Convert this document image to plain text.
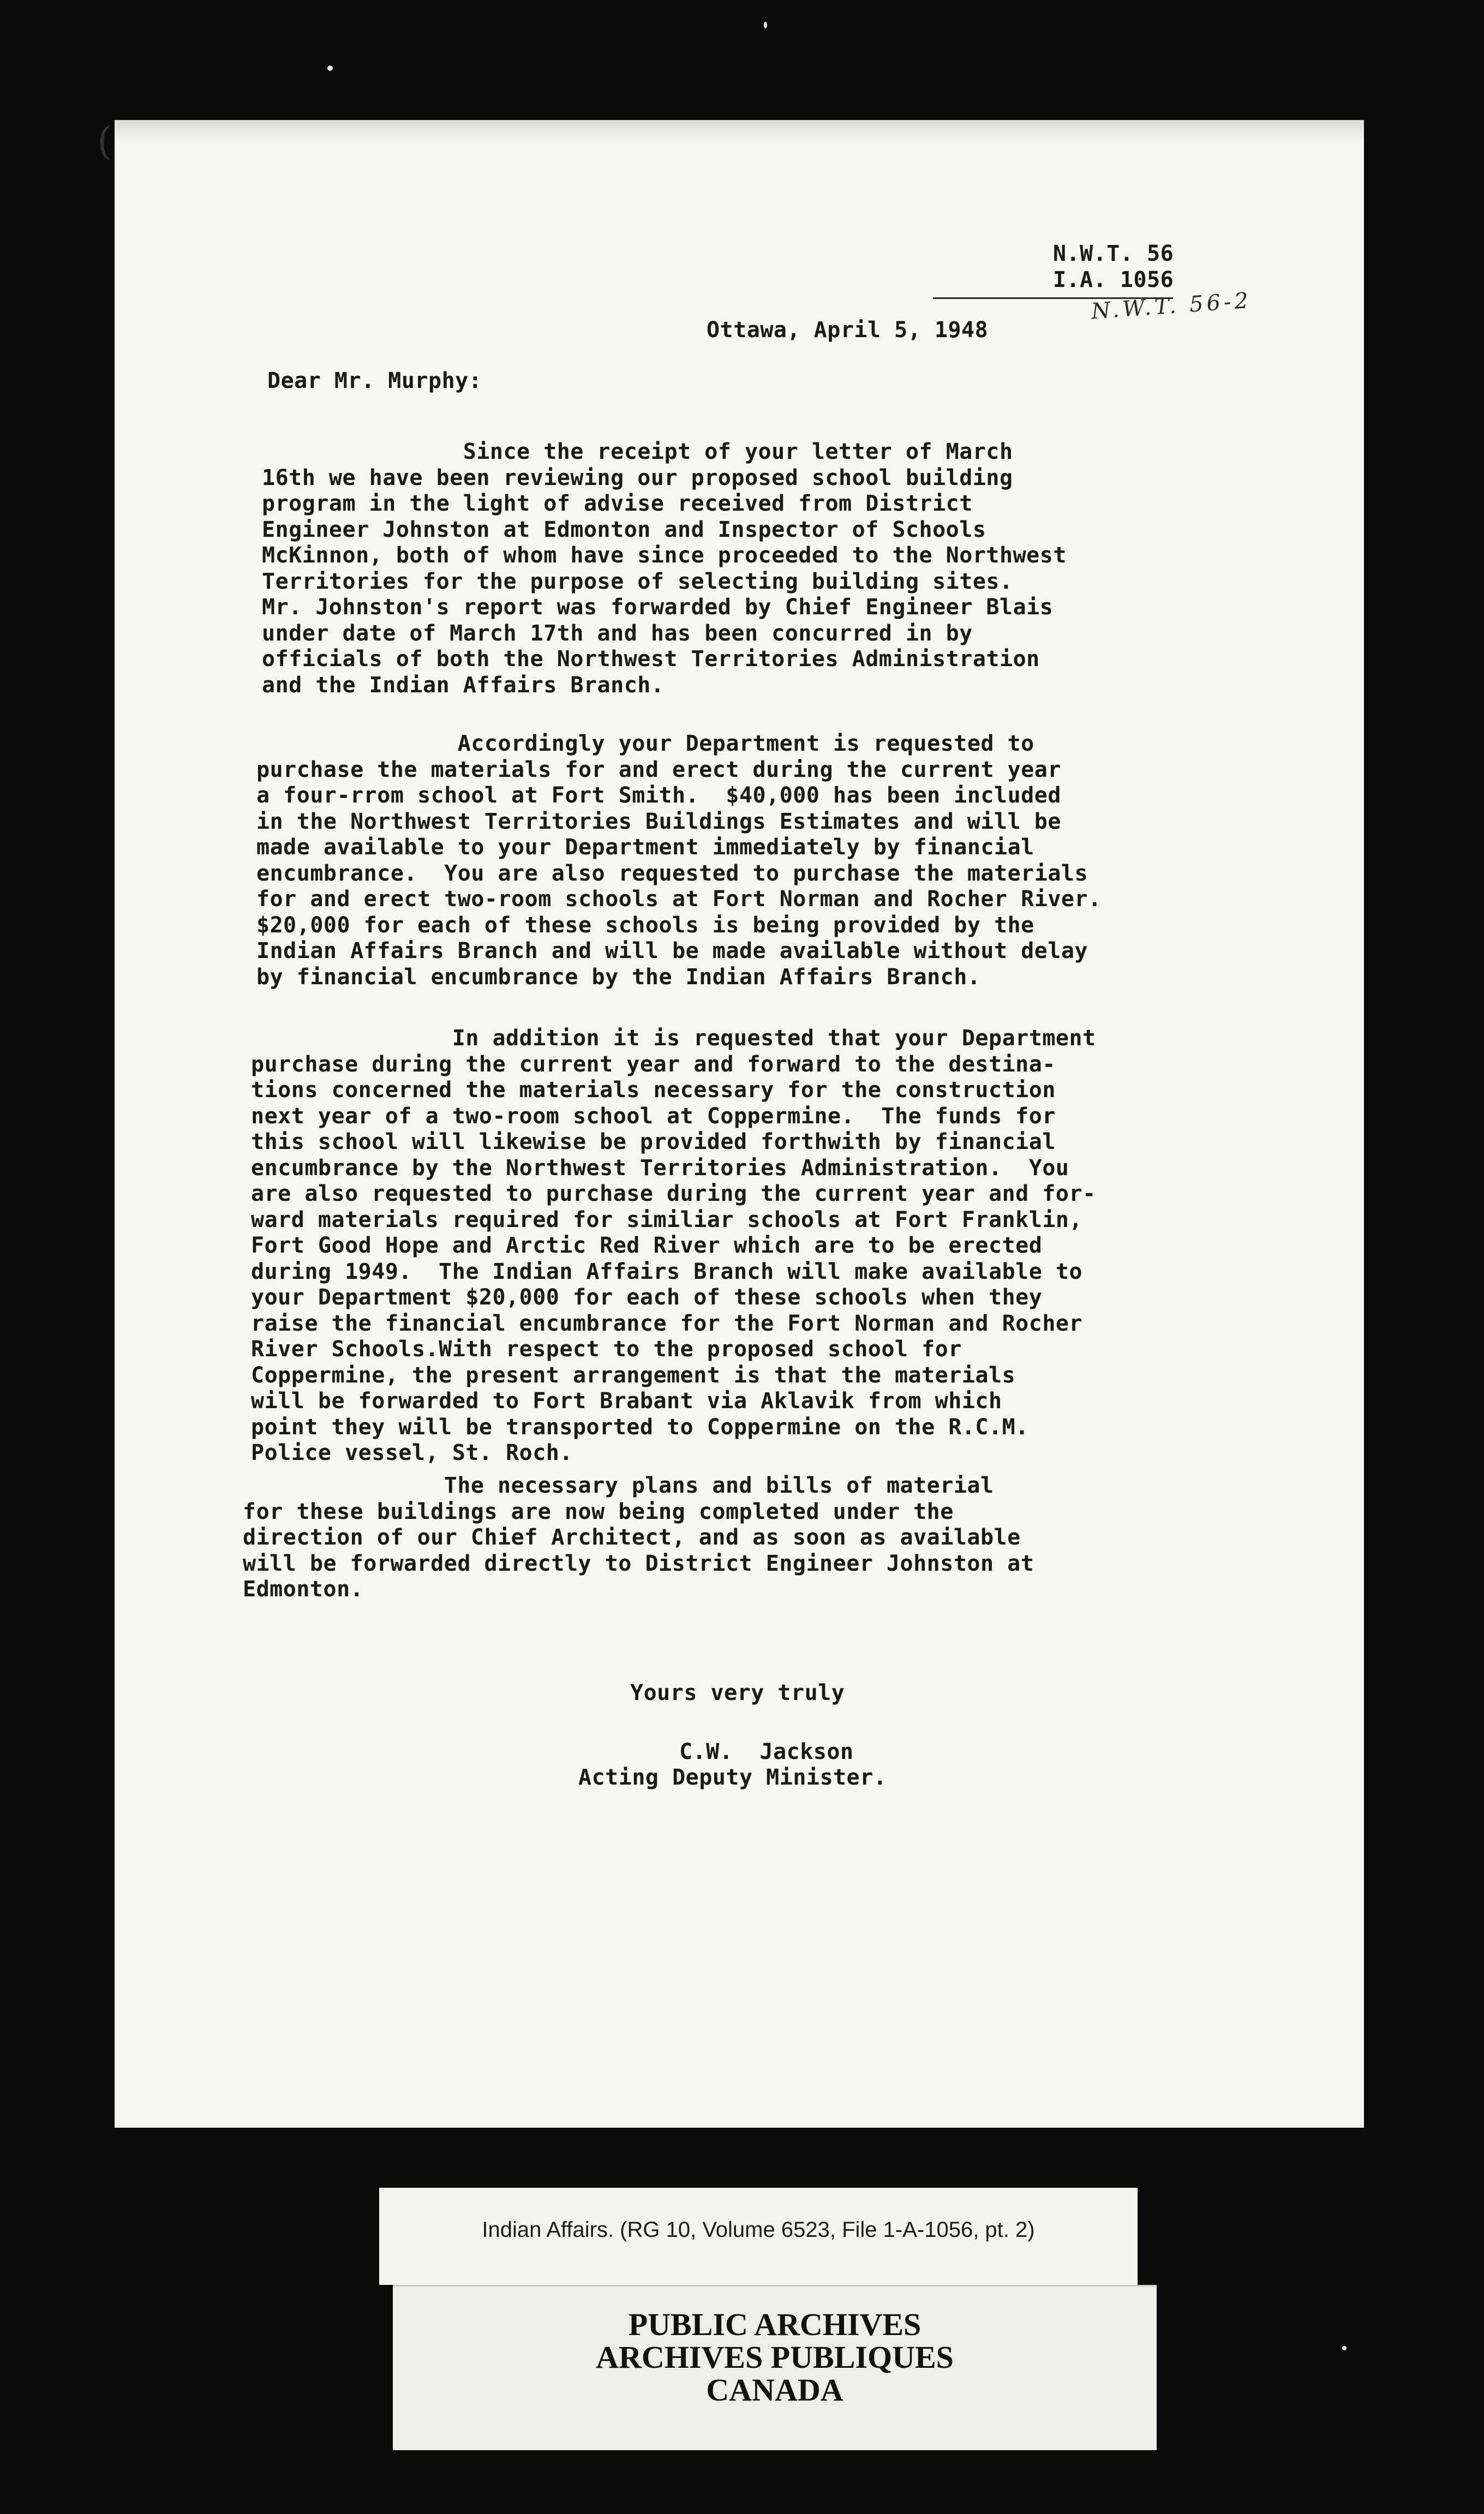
N.W.T. 56
I.A. 1056
N.W.T. 56-2
Ottawa, April 5, 1948
Dear Mr. Murphy:
Since the receipt of your letter of March
16th we have been reviewing our proposed school building
program in the light of advise received from District
Engineer Johnston at Edmonton and Inspector of Schools
McKinnon, both of whom have since proceeded to the Northwest
Territories for the purpose of selecting building sites.
Mr. Johnston's report was forwarded by Chief Engineer Blais
under date of March 17th and has been concurred in by
officials of both the Northwest Territories Administration
and the Indian Affairs Branch.
Accordingly your Department is requested to
purchase the materials for and erect during the current year
a four-rrom school at Fort Smith.  $40,000 has been included
in the Northwest Territories Buildings Estimates and will be
made available to your Department immediately by financial
encumbrance.  You are also requested to purchase the materials
for and erect two-room schools at Fort Norman and Rocher River.
$20,000 for each of these schools is being provided by the
Indian Affairs Branch and will be made available without delay
by financial encumbrance by the Indian Affairs Branch.
In addition it is requested that your Department
purchase during the current year and forward to the destina-
tions concerned the materials necessary for the construction
next year of a two-room school at Coppermine.  The funds for
this school will likewise be provided forthwith by financial
encumbrance by the Northwest Territories Administration.  You
are also requested to purchase during the current year and for-
ward materials required for similiar schools at Fort Franklin,
Fort Good Hope and Arctic Red River which are to be erected
during 1949.  The Indian Affairs Branch will make available to
your Department $20,000 for each of these schools when they
raise the financial encumbrance for the Fort Norman and Rocher
River Schools.With respect to the proposed school for
Coppermine, the present arrangement is that the materials
will be forwarded to Fort Brabant via Aklavik from which
point they will be transported to Coppermine on the R.C.M.
Police vessel, St. Roch.
The necessary plans and bills of material
for these buildings are now being completed under the
direction of our Chief Architect, and as soon as available
will be forwarded directly to District Engineer Johnston at
Edmonton.
Yours very truly
C.W.  Jackson
Acting Deputy Minister.
(
Indian Affairs. (RG 10, Volume 6523, File 1-A-1056, pt. 2)
PUBLIC ARCHIVES
ARCHIVES PUBLIQUES
CANADA
